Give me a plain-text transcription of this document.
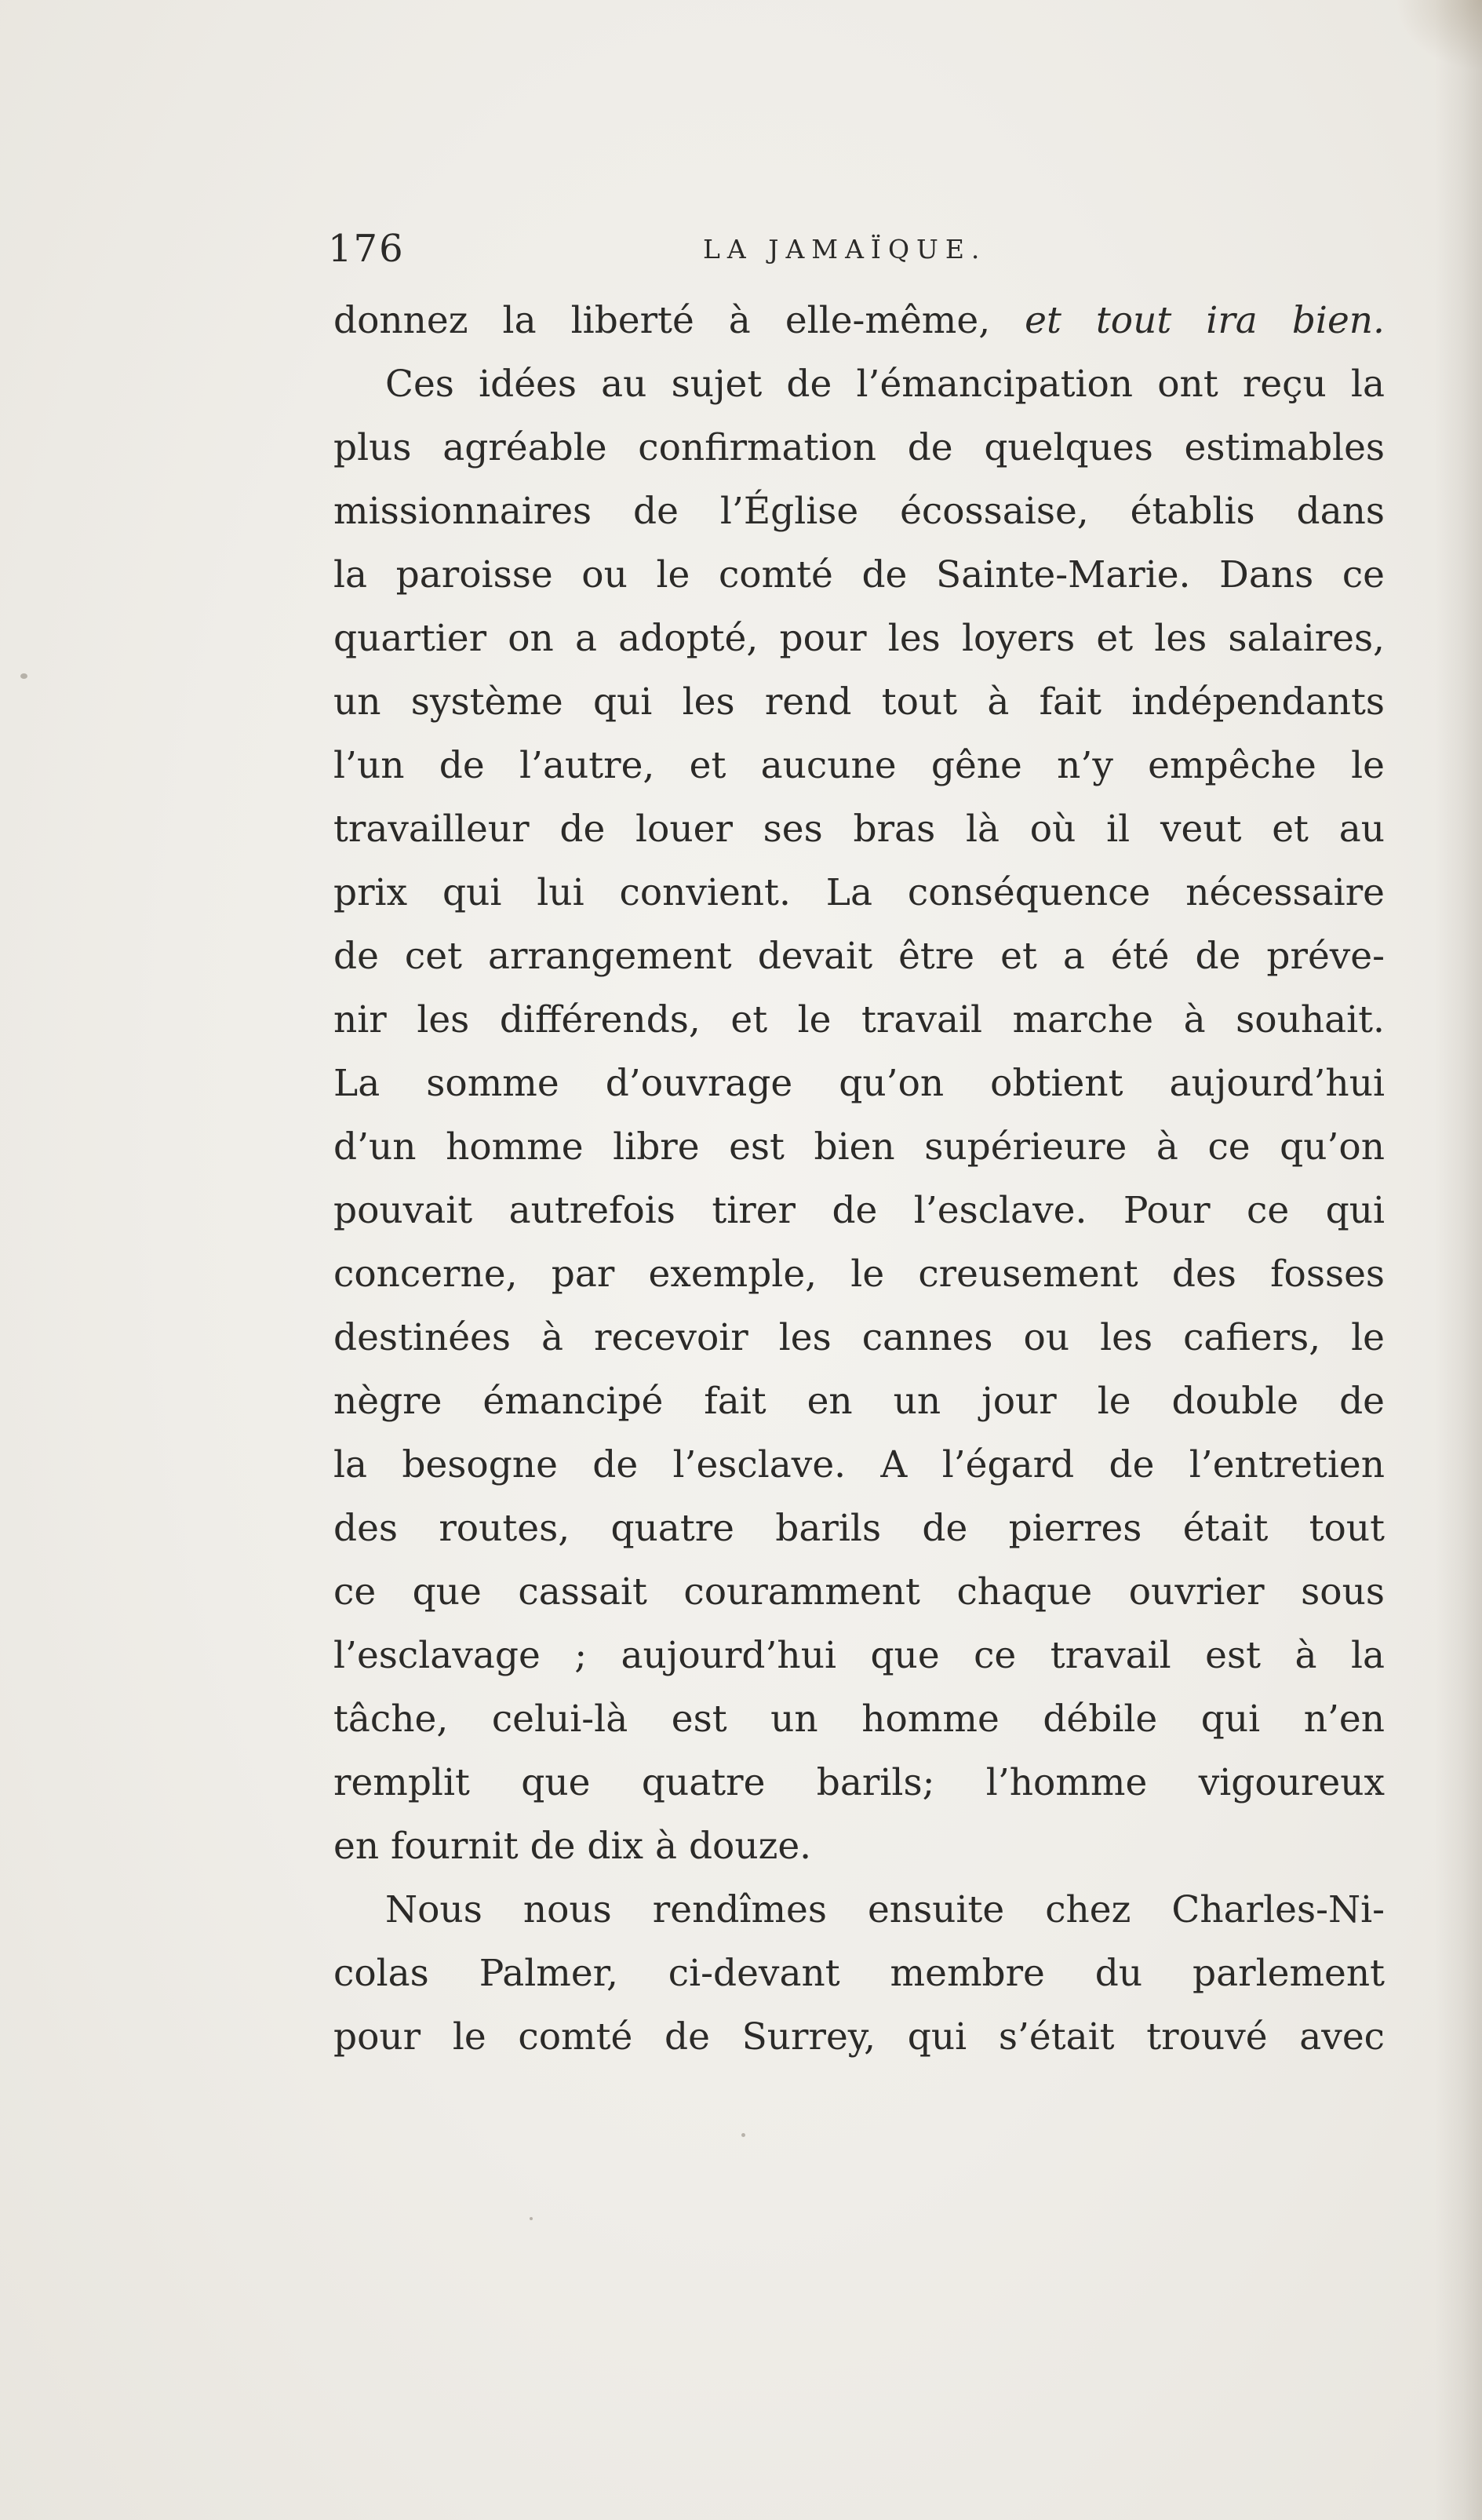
176	LA JAMAÏQUE.
donnez la liberté à elle-même, et tout ira bien.
Ces idées au sujet de l’émancipation ont reçu la
plus agréable confirmation de quelques estimables
missionnaires de l’Église écossaise, établis dans
la paroisse ou le comté de Sainte-Marie. Dans ce
quartier on a adopté, pour les loyers et les salaires,
un système qui les rend tout à fait indépendants
l’un de l’autre, et aucune gêne n’y empêche le
travailleur de louer ses bras là où il veut et au
prix qui lui convient. La conséquence nécessaire
de cet arrangement devait être et a été de préve-
nir les différends, et le travail marche à souhait.
La somme d’ouvrage qu’on obtient aujourd’hui
d’un homme libre est bien supérieure à ce qu’on
pouvait autrefois tirer de l’esclave. Pour ce qui
concerne, par exemple, le creusement des fosses
destinées à recevoir les cannes ou les cafiers, le
nègre émancipé fait en un jour le double de
la besogne de l’esclave. A l’égard de l’entretien
des routes, quatre barils de pierres était tout
ce que cassait couramment chaque ouvrier sous
l’esclavage ; aujourd’hui que ce travail est à la
tâche, celui-là est un homme débile qui n’en
remplit que quatre barils; l’homme vigoureux
en fournit de dix à douze.
Nous nous rendîmes ensuite chez Charles-Ni-
colas Palmer, ci-devant membre du parlement
pour le comté de Surrey, qui s’était trouvé avec
